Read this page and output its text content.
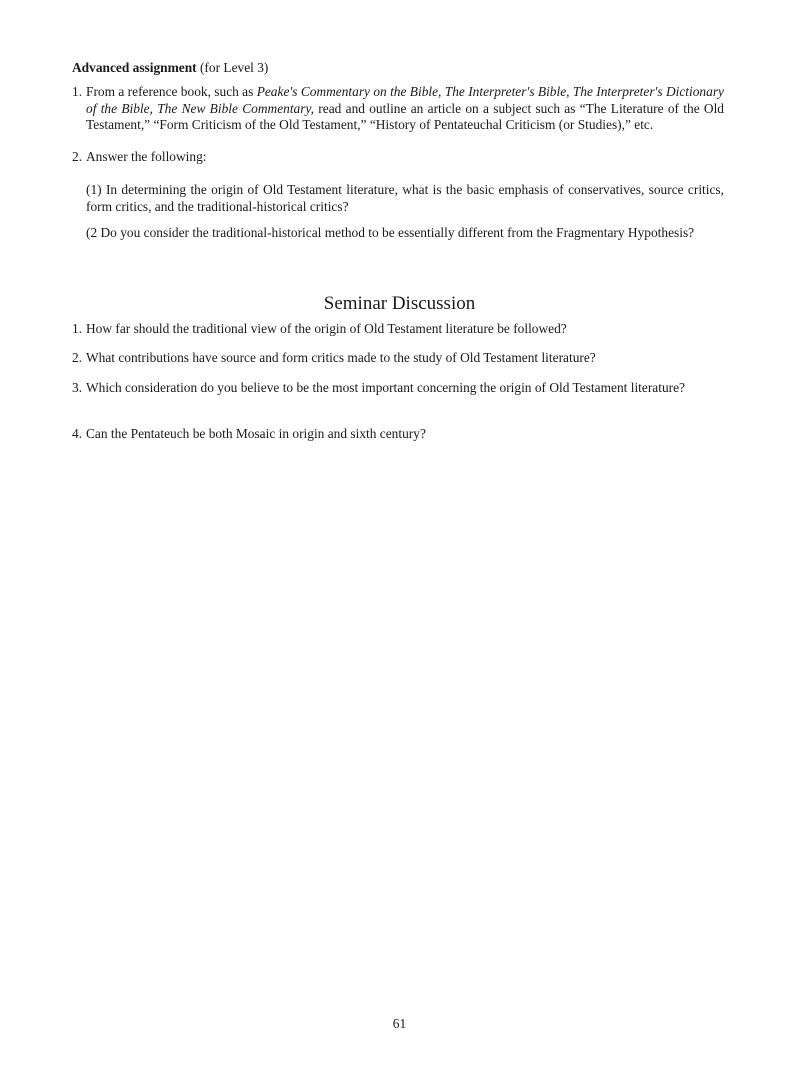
Advanced assignment (for Level 3)
1. From a reference book, such as Peake's Commentary on the Bible, The Interpreter's Bible, The Interpreter's Dictionary of the Bible, The New Bible Commentary, read and outline an article on a subject such as “The Literature of the Old Testament,” “Form Criticism of the Old Testament,” “History of Pentateuchal Criticism (or Studies),” etc.
2. Answer the following:
(1) In determining the origin of Old Testament literature, what is the basic emphasis of conservatives, source critics, form critics, and the traditional-historical critics?
(2 Do you consider the traditional-historical method to be essentially different from the Fragmentary Hypothesis?
Seminar Discussion
1. How far should the traditional view of the origin of Old Testament literature be followed?
2. What contributions have source and form critics made to the study of Old Testament literature?
3. Which consideration do you believe to be the most important concerning the origin of Old Testament literature?
4. Can the Pentateuch be both Mosaic in origin and sixth century?
61
